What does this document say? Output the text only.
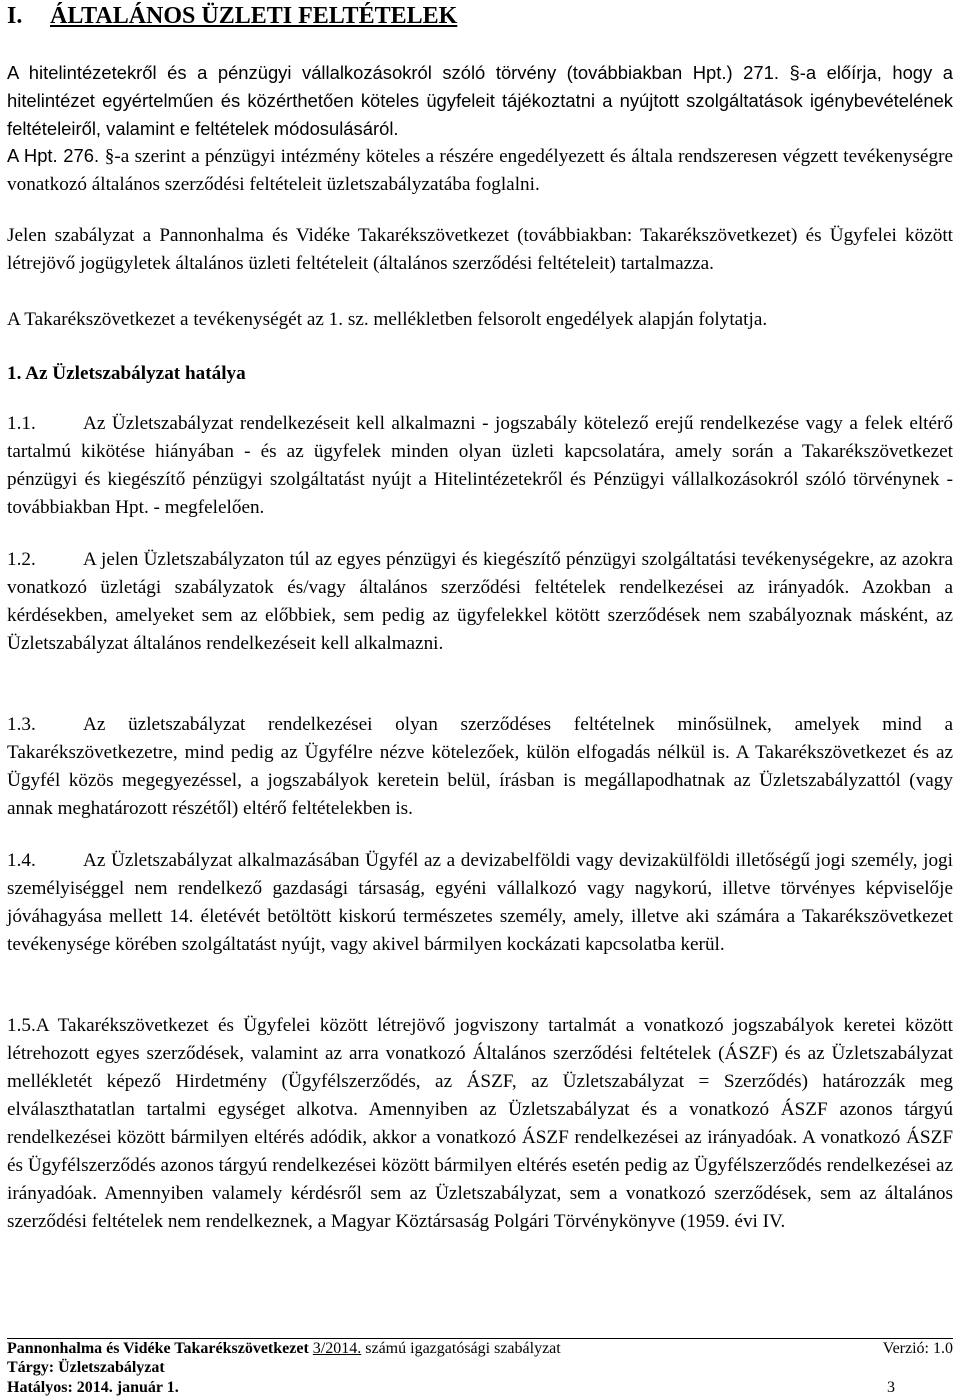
I. ÁLTALÁNOS ÜZLETI FELTÉTELEK
A hitelintézetekről és a pénzügyi vállalkozásokról szóló törvény (továbbiakban Hpt.) 271. §-a előírja, hogy a hitelintézet egyértelműen és közérthetően köteles ügyfeleit tájékoztatni a nyújtott szolgáltatások igénybevételének feltételeiről, valamint e feltételek módosulásáról.
A Hpt. 276. §-a szerint a pénzügyi intézmény köteles a részére engedélyezett és általa rendszeresen végzett tevékenységre vonatkozó általános szerződési feltételeit üzletszabályzatába foglalni.
Jelen szabályzat a Pannonhalma és Vidéke Takarékszövetkezet (továbbiakban: Takarékszövetkezet) és Ügyfelei között létrejövő jogügyletek általános üzleti feltételeit (általános szerződési feltételeit) tartalmazza.
A Takarékszövetkezet a tevékenységét az 1. sz. mellékletben felsorolt engedélyek alapján folytatja.
1. Az Üzletszabályzat hatálya
1.1. Az Üzletszabályzat rendelkezéseit kell alkalmazni - jogszabály kötelező erejű rendelkezése vagy a felek eltérő tartalmú kikötése hiányában - és az ügyfelek minden olyan üzleti kapcsolatára, amely során a Takarékszövetkezet pénzügyi és kiegészítő pénzügyi szolgáltatást nyújt a Hitelintézetekről és Pénzügyi vállalkozásokról szóló törvénynek - továbbiakban Hpt. - megfelelően.
1.2. A jelen Üzletszabályzaton túl az egyes pénzügyi és kiegészítő pénzügyi szolgáltatási tevékenységekre, az azokra vonatkozó üzletági szabályzatok és/vagy általános szerződési feltételek rendelkezései az irányadók. Azokban a kérdésekben, amelyeket sem az előbbiek, sem pedig az ügyfelekkel kötött szerződések nem szabályoznak másként, az Üzletszabályzat általános rendelkezéseit kell alkalmazni.
1.3. Az üzletszabályzat rendelkezései olyan szerződéses feltételnek minősülnek, amelyek mind a Takarékszövetkezetre, mind pedig az Ügyfélre nézve kötelezőek, külön elfogadás nélkül is. A Takarékszövetkezet és az Ügyfél közös megegyezéssel, a jogszabályok keretein belül, írásban is megállapodhatnak az Üzletszabályzattól (vagy annak meghatározott részétől) eltérő feltételekben is.
1.4. Az Üzletszabályzat alkalmazásában Ügyfél az a devizabelföldi vagy devizakülföldi illetőségű jogi személy, jogi személyiséggel nem rendelkező gazdasági társaság, egyéni vállalkozó vagy nagykorú, illetve törvényes képviselője jóváhagyása mellett 14. életévét betöltött kiskorú természetes személy, amely, illetve aki számára a Takarékszövetkezet tevékenysége körében szolgáltatást nyújt, vagy akivel bármilyen kockázati kapcsolatba kerül.
1.5.A Takarékszövetkezet és Ügyfelei között létrejövő jogviszony tartalmát a vonatkozó jogszabályok keretei között létrehozott egyes szerződések, valamint az arra vonatkozó Általános szerződési feltételek (ÁSZF) és az Üzletszabályzat mellékletét képező Hirdetmény (Ügyfélszerződés, az ÁSZF, az Üzletszabályzat = Szerződés) határozzák meg elválaszthatatlan tartalmi egységet alkotva. Amennyiben az Üzletszabályzat és a vonatkozó ÁSZF azonos tárgyú rendelkezései között bármilyen eltérés adódik, akkor a vonatkozó ÁSZF rendelkezései az irányadóak. A vonatkozó ÁSZF és Ügyfélszerződés azonos tárgyú rendelkezései között bármilyen eltérés esetén pedig az Ügyfélszerződés rendelkezései az irányadóak. Amennyiben valamely kérdésről sem az Üzletszabályzat, sem a vonatkozó szerződések, sem az általános szerződési feltételek nem rendelkeznek, a Magyar Köztársaság Polgári Törvénykönyve (1959. évi IV.
Pannonhalma és Vidéke Takarékszövetkezet 3/2014. számú igazgatósági szabályzat	Verzió: 1.0
Tárgy: Üzletszabályzat
Hatályos: 2014. január 1.	3
